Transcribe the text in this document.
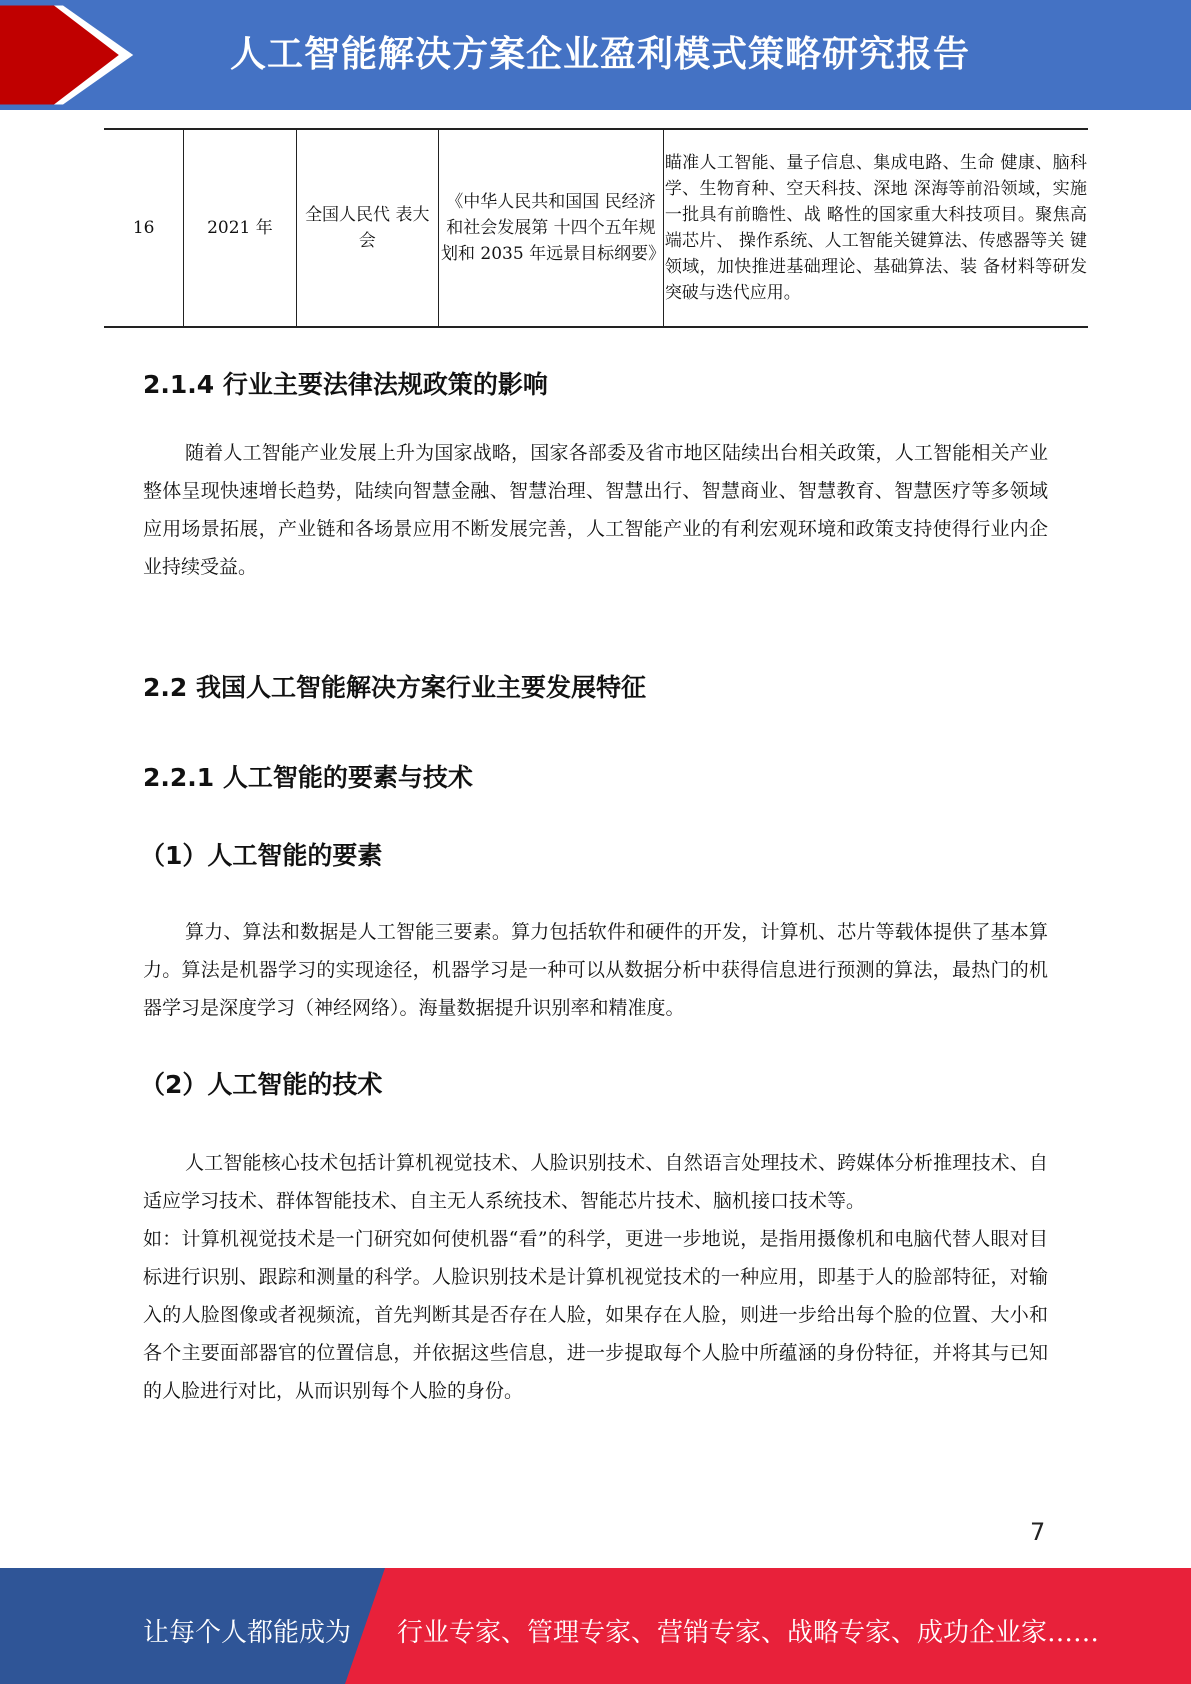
人工智能解决方案企业盈利模式策略研究报告
16	2021 年	全国人民代 表大会	《中华人民共和国国 民经济和社会发展第 十四个五年规划和 2035 年远景目标纲要》	瞄准人工智能、量子信息、集成电路、生命 健康、脑科学、生物育种、空天科技、深地 深海等前沿领域，实施一批具有前瞻性、战 略性的国家重大科技项目。聚焦高端芯片、 操作系统、人工智能关键算法、传感器等关 键领域，加快推进基础理论、基础算法、装 备材料等研发突破与迭代应用。
2.1.4 行业主要法律法规政策的影响

随着人工智能产业发展上升为国家战略，国家各部委及省市地区陆续出台相关政策，人工智能相关产业整体呈现快速增长趋势，陆续向智慧金融、智慧治理、智慧出行、智慧商业、智慧教育、智慧医疗等多领域应用场景拓展，产业链和各场景应用不断发展完善，人工智能产业的有利宏观环境和政策支持使得行业内企业持续受益。

2.2 我国人工智能解决方案行业主要发展特征
2.2.1 人工智能的要素与技术
（1）人工智能的要素

算力、算法和数据是人工智能三要素。算力包括软件和硬件的开发，计算机、芯片等载体提供了基本算力。算法是机器学习的实现途径，机器学习是一种可以从数据分析中获得信息进行预测的算法，最热门的机器学习是深度学习（神经网络）。海量数据提升识别率和精准度。

（2）人工智能的技术

人工智能核心技术包括计算机视觉技术、人脸识别技术、自然语言处理技术、跨媒体分析推理技术、自适应学习技术、群体智能技术、自主无人系统技术、智能芯片技术、脑机接口技术等。

如：计算机视觉技术是一门研究如何使机器“看”的科学，更进一步地说，是指用摄像机和电脑代替人眼对目标进行识别、跟踪和测量的科学。人脸识别技术是计算机视觉技术的一种应用，即基于人的脸部特征，对输入的人脸图像或者视频流，首先判断其是否存在人脸，如果存在人脸，则进一步给出每个脸的位置、大小和各个主要面部器官的位置信息，并依据这些信息，进一步提取每个人脸中所蕴涵的身份特征，并将其与已知的人脸进行对比，从而识别每个人脸的身份。

7
让每个人都能成为 行业专家、管理专家、营销专家、战略专家、成功企业家……
